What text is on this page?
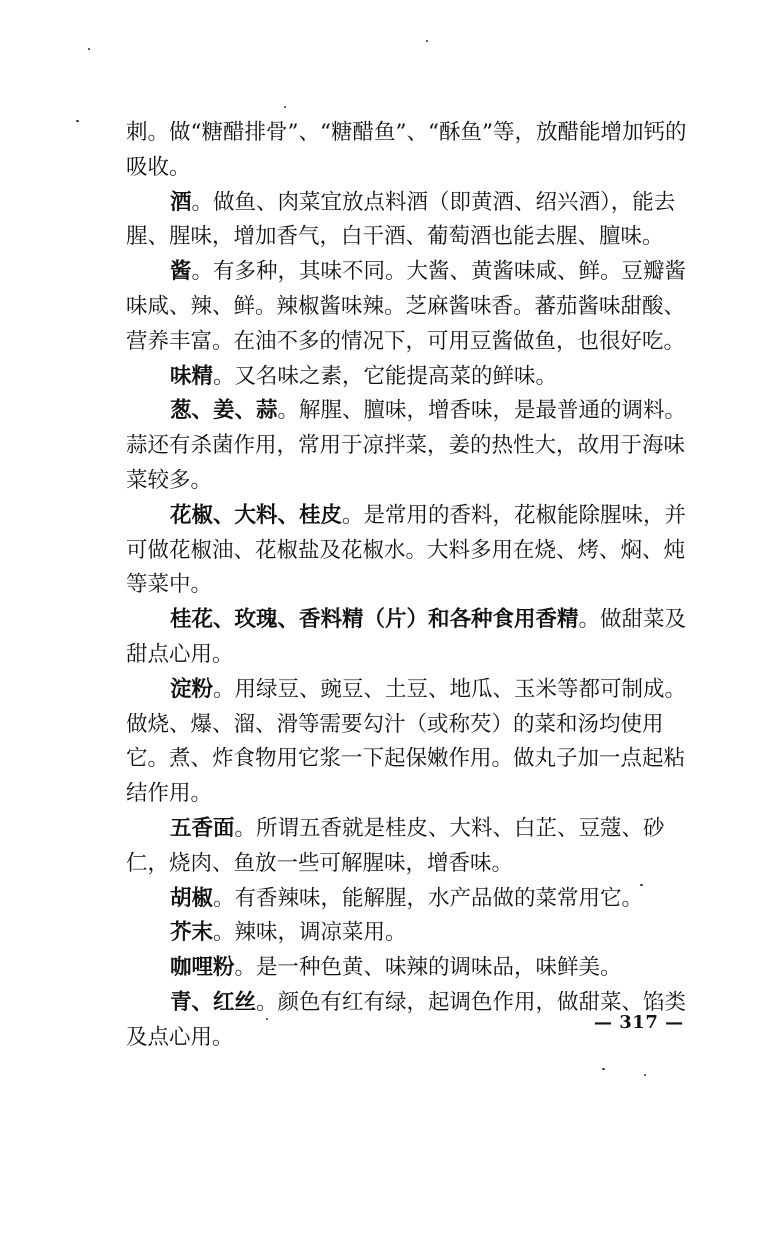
刺。做“糖醋排骨”、“糖醋鱼”、“酥鱼”等，放醋能增加钙的吸收。

酒。做鱼、肉菜宜放点料酒（即黄酒、绍兴酒），能去腥、腥味，增加香气，白干酒、葡萄酒也能去腥、膻味。

酱。有多种，其味不同。大酱、黄酱味咸、鲜。豆瓣酱味咸、辣、鲜。辣椒酱味辣。芝麻酱味香。蕃茄酱味甜酸、营养丰富。在油不多的情况下，可用豆酱做鱼，也很好吃。

味精。又名味之素，它能提高菜的鲜味。

葱、姜、蒜。解腥、膻味，增香味，是最普通的调料。蒜还有杀菌作用，常用于凉拌菜，姜的热性大，故用于海味菜较多。

花椒、大料、桂皮。是常用的香料，花椒能除腥味，并可做花椒油、花椒盐及花椒水。大料多用在烧、烤、焖、炖等菜中。

桂花、玫瑰、香料精（片）和各种食用香精。做甜菜及甜点心用。

淀粉。用绿豆、豌豆、土豆、地瓜、玉米等都可制成。做烧、爆、溜、滑等需要勾汁（或称芡）的菜和汤均使用它。煮、炸食物用它浆一下起保嫩作用。做丸子加一点起粘结作用。

五香面。所谓五香就是桂皮、大料、白芷、豆蔻、砂仁，烧肉、鱼放一些可解腥味，增香味。

胡椒。有香辣味，能解腥，水产品做的菜常用它。

芥末。辣味，调凉菜用。

咖哩粉。是一种色黄、味辣的调味品，味鲜美。

青、红丝。颜色有红有绿，起调色作用，做甜菜、馅类及点心用。

— 317 —
